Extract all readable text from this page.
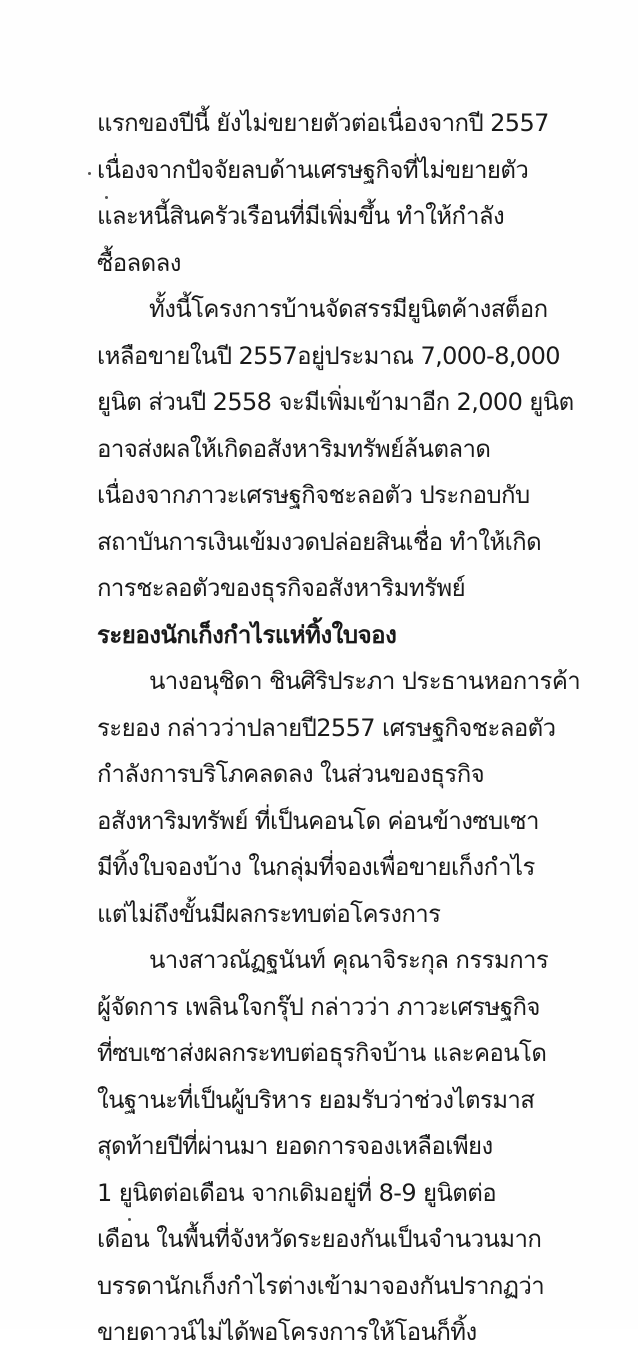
แรกของปีนี้ ยังไม่ขยายตัวต่อเนื่องจากปี 2557
เนื่องจากปัจจัยลบด้านเศรษฐกิจที่ไม่ขยายตัว
และหนี้สินครัวเรือนที่มีเพิ่มขึ้น ทำให้กำลัง
ซื้อลดลง
ทั้งนี้โครงการบ้านจัดสรรมียูนิตค้างสต็อก
เหลือขายในปี 2557อยู่ประมาณ 7,000-8,000
ยูนิต ส่วนปี 2558 จะมีเพิ่มเข้ามาอีก 2,000 ยูนิต
อาจส่งผลให้เกิดอสังหาริมทรัพย์ล้นตลาด
เนื่องจากภาวะเศรษฐกิจชะลอตัว ประกอบกับ
สถาบันการเงินเข้มงวดปล่อยสินเชื่อ ทำให้เกิด
การชะลอตัวของธุรกิจอสังหาริมทรัพย์
ระยองนักเก็งกำไรแห่ทิ้งใบจอง
นางอนุชิดา ชินศิริประภา ประธานหอการค้า
ระยอง กล่าวว่าปลายปี2557 เศรษฐกิจชะลอตัว
กำลังการบริโภคลดลง ในส่วนของธุรกิจ
อสังหาริมทรัพย์ ที่เป็นคอนโด ค่อนข้างซบเซา
มีทิ้งใบจองบ้าง ในกลุ่มที่จองเพื่อขายเก็งกำไร
แต่ไม่ถึงขั้นมีผลกระทบต่อโครงการ
นางสาวณัฏฐนันท์ คุณาจิระกุล กรรมการ
ผู้จัดการ เพลินใจกรุ๊ป กล่าวว่า ภาวะเศรษฐกิจ
ที่ซบเซาส่งผลกระทบต่อธุรกิจบ้าน และคอนโด
ในฐานะที่เป็นผู้บริหาร ยอมรับว่าช่วงไตรมาส
สุดท้ายปีที่ผ่านมา ยอดการจองเหลือเพียง
1 ยูนิตต่อเดือน จากเดิมอยู่ที่ 8-9 ยูนิตต่อ
เดือน ในพื้นที่จังหวัดระยองกันเป็นจำนวนมาก
บรรดานักเก็งกำไรต่างเข้ามาจองกันปรากฏว่า
ขายดาวน์ไม่ได้พอโครงการให้โอนก็ทิ้ง
